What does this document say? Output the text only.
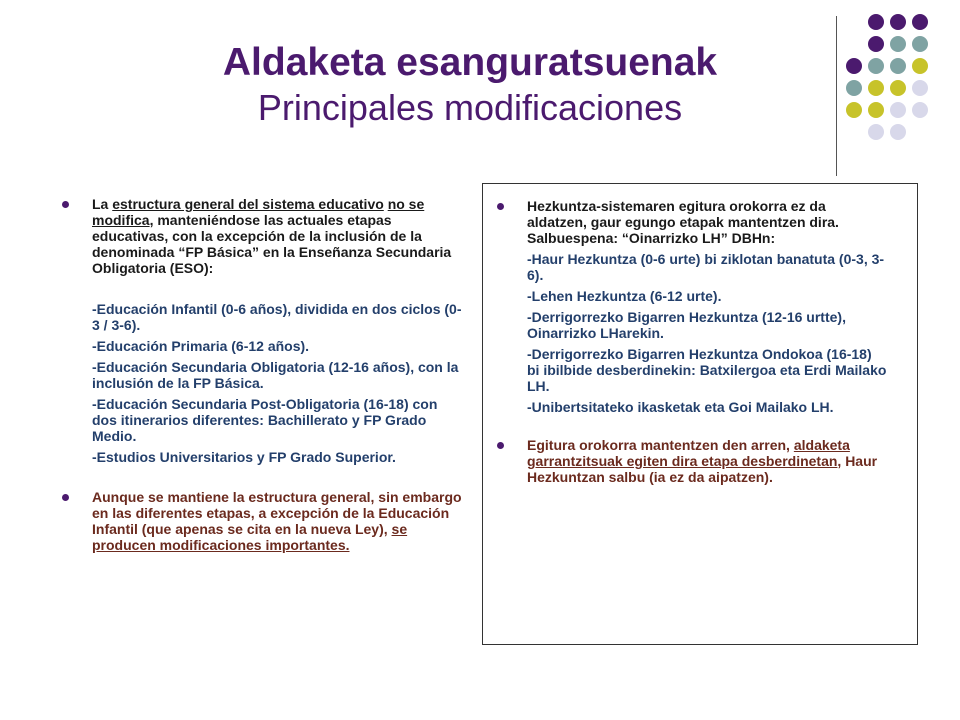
Aldaketa esanguratsuenak
Principales modificaciones
La estructura general del sistema educativo no se modifica, manteniéndose las actuales etapas educativas, con la excepción de la inclusión de la denominada “FP Básica” en la Enseñanza Secundaria Obligatoria (ESO):
-Educación Infantil (0-6 años), dividida en dos ciclos (0-3 / 3-6).
-Educación Primaria (6-12 años).
-Educación Secundaria Obligatoria (12-16 años), con la inclusión de la FP Básica.
-Educación Secundaria Post-Obligatoria (16-18) con dos itinerarios diferentes: Bachillerato y FP Grado Medio.
-Estudios Universitarios y FP Grado Superior.
Aunque se mantiene la estructura general, sin embargo en las diferentes etapas, a excepción de la Educación Infantil (que apenas se cita en la nueva Ley), se producen modificaciones importantes.
Hezkuntza-sistemaren egitura orokorra ez da aldatzen, gaur egungo etapak mantentzen dira. Salbuespena: “Oinarrizko LH” DBHn:
-Haur Hezkuntza (0-6 urte) bi ziklotan banatuta (0-3, 3-6).
-Lehen Hezkuntza (6-12 urte).
-Derrigorrezko Bigarren Hezkuntza (12-16 urtte), Oinarrizko LHarekin.
-Derrigorrezko Bigarren Hezkuntza Ondokoa (16-18) bi ibilbide desberdinekin: Batxilergoa eta Erdi Mailako LH.
-Unibertsitateko ikasketak eta Goi Mailako LH.
Egitura orokorra mantentzen den arren, aldaketa garrantzitsuak egiten dira etapa desberdinetan, Haur Hezkuntzan salbu (ia ez da aipatzen).
